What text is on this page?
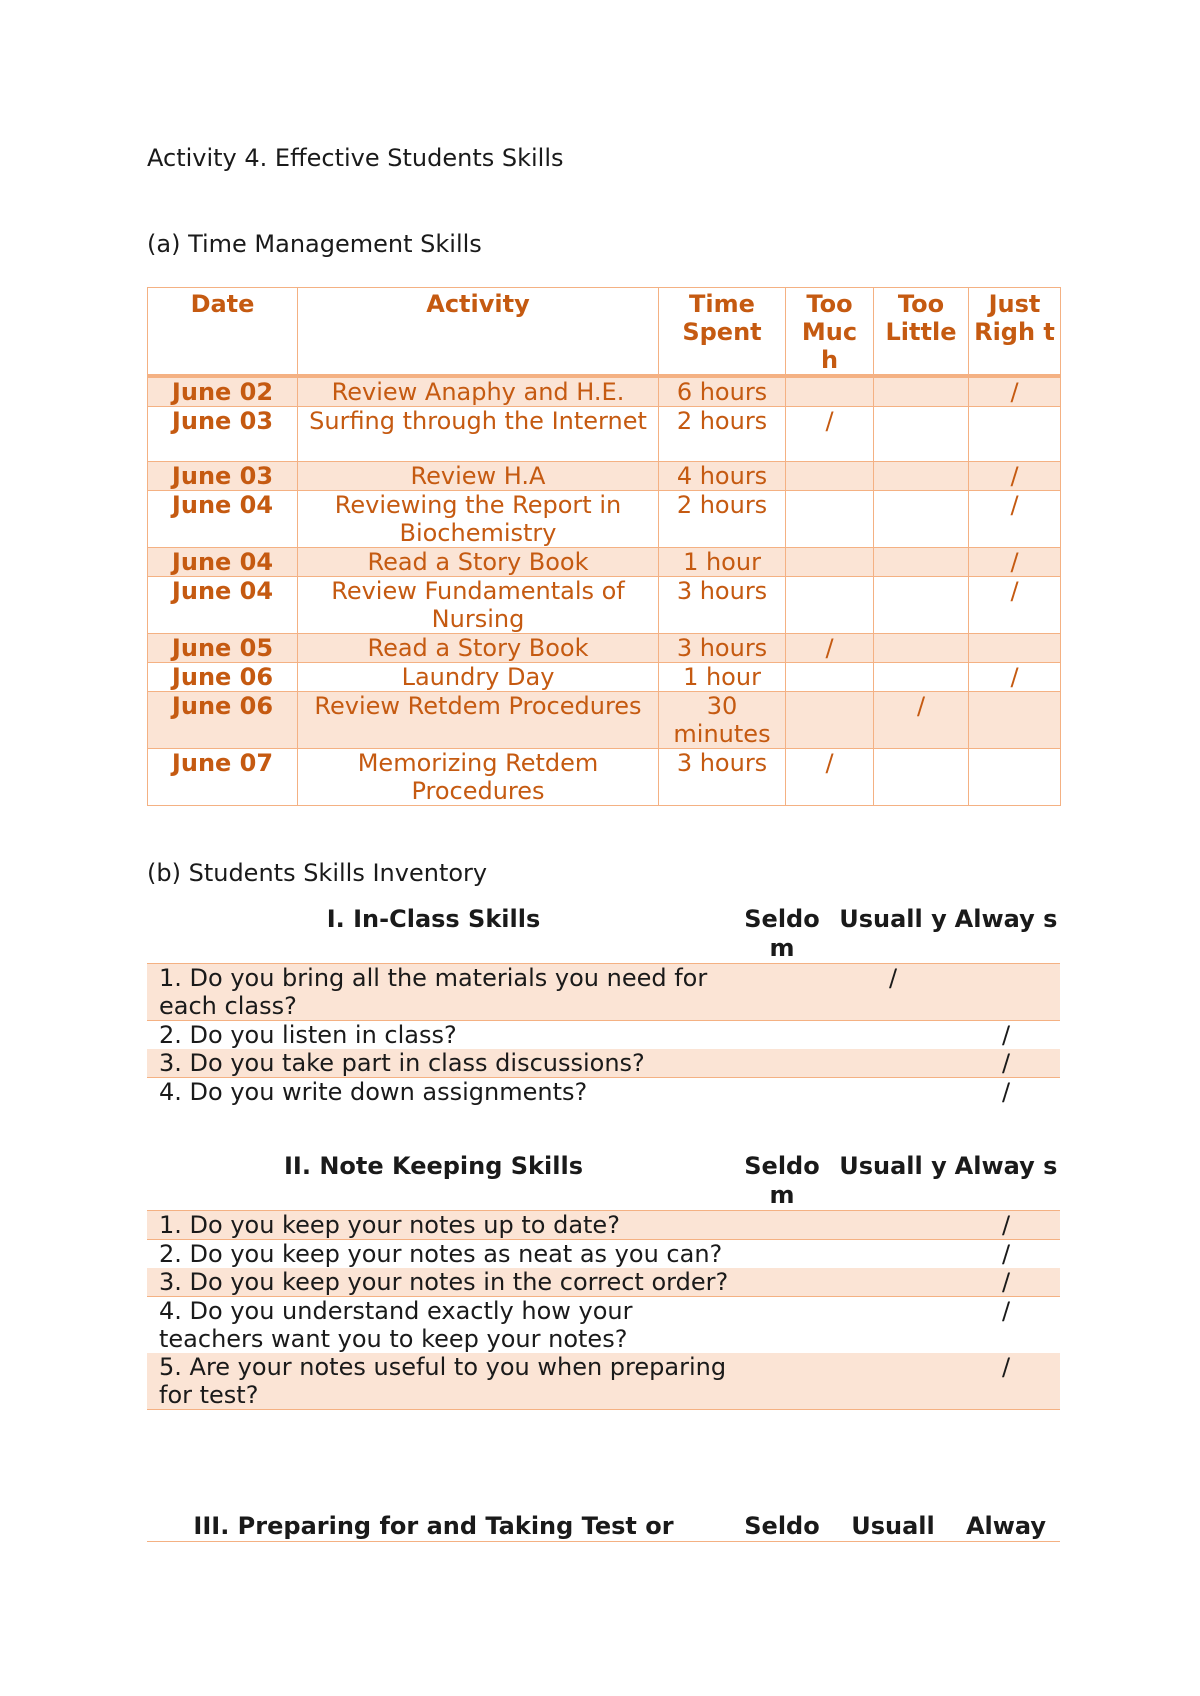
Activity 4. Effective Students Skills
(a) Time Management Skills
Date	Activity	Time Spent	Too Muc h	Too Little	Just Righ t
June 02	Review Anaphy and H.E.	6 hours			/
June 03	Surfing through the Internet	2 hours	/		
June 03	Review H.A	4 hours			/
June 04	Reviewing the Report in Biochemistry	2 hours			/
June 04	Read a Story Book	1 hour			/
June 04	Review Fundamentals of Nursing	3 hours			/
June 05	Read a Story Book	3 hours	/		
June 06	Laundry Day	1 hour			/
June 06	Review Retdem Procedures	30 minutes		/	
June 07	Memorizing Retdem Procedures	3 hours	/		
(b) Students Skills Inventory
I. In-Class Skills	Seldo m	Usuall y	Alway s
1. Do you bring all the materials you need for each class?		/	
2. Do you listen in class?			/
3. Do you take part in class discussions?			/
4. Do you write down assignments?			/
II. Note Keeping Skills	Seldo m	Usuall y	Alway s
1. Do you keep your notes up to date?			/
2. Do you keep your notes as neat as you can?			/
3. Do you keep your notes in the correct order?			/
4. Do you understand exactly how your teachers want you to keep your notes?			/
5. Are your notes useful to you when preparing for test?			/
III. Preparing for and Taking Test or	Seldo	Usuall	Alway
